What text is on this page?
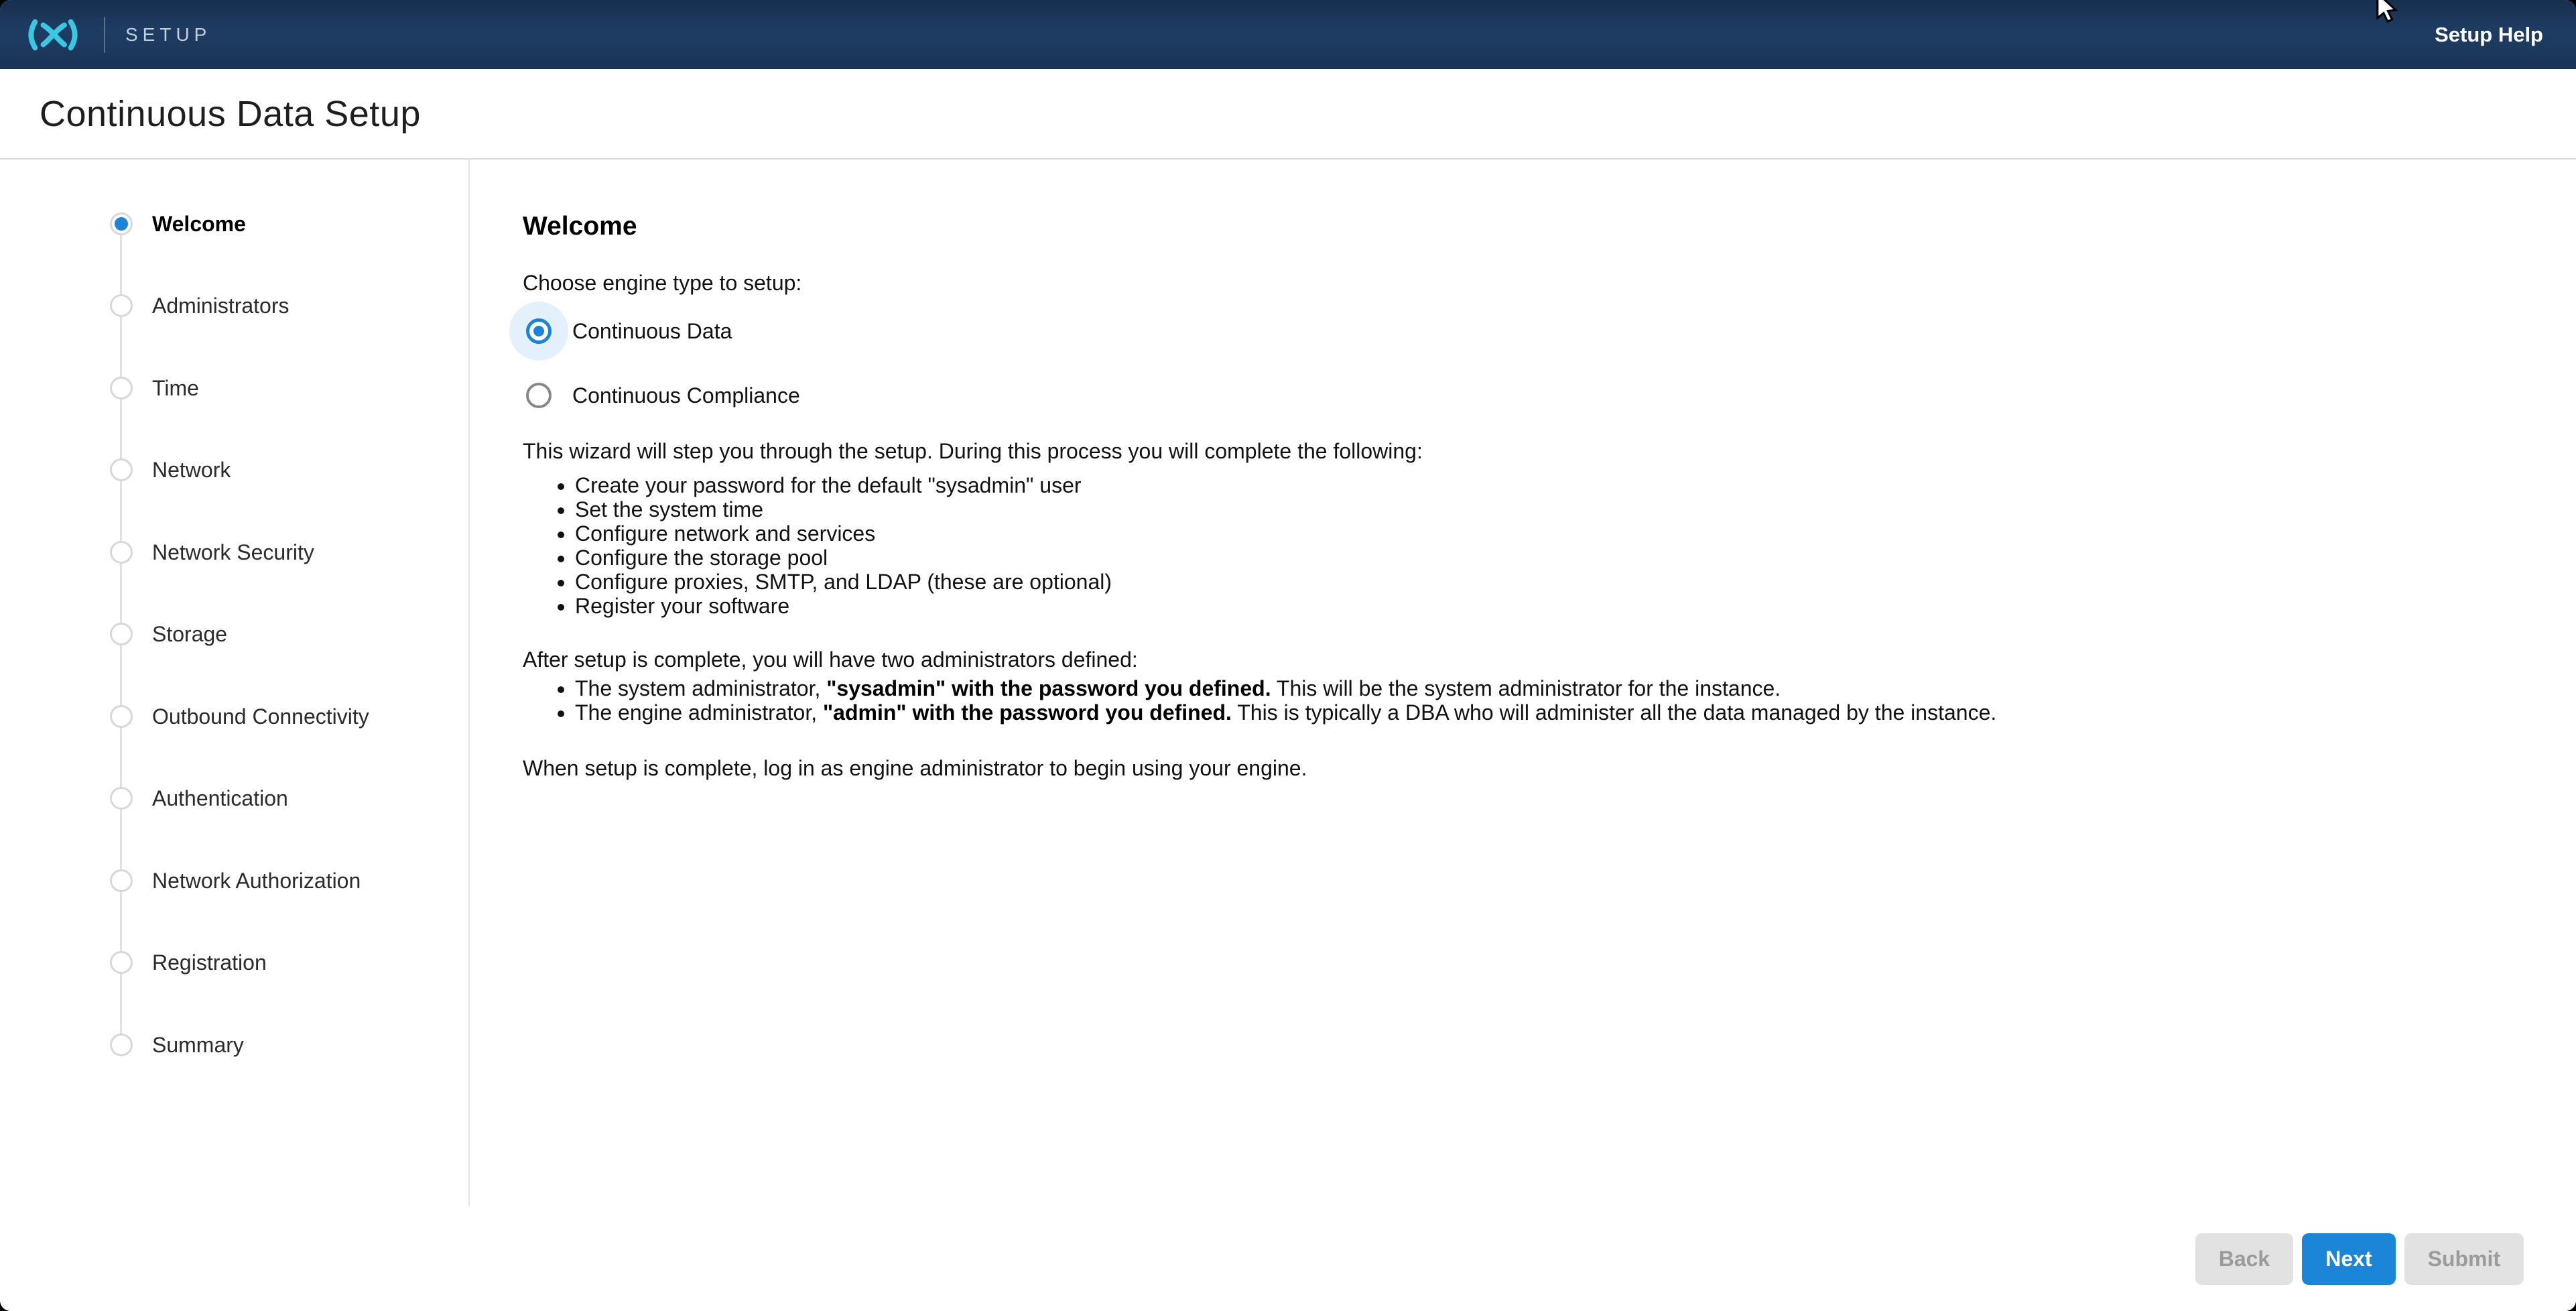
SETUP	Setup Help
Continuous Data Setup
Welcome
Administrators
Time
Network
Network Security
Storage
Outbound Connectivity
Authentication
Network Authorization
Registration
Summary
Welcome

Choose engine type to setup:

Continuous Data
Continuous Compliance

This wizard will step you through the setup. During this process you will complete the following:

• Create your password for the default "sysadmin" user
• Set the system time
• Configure network and services
• Configure the storage pool
• Configure proxies, SMTP, and LDAP (these are optional)
• Register your software

After setup is complete, you will have two administrators defined:

• The system administrator, "sysadmin" with the password you defined. This will be the system administrator for the instance.
• The engine administrator, "admin" with the password you defined. This is typically a DBA who will administer all the data managed by the instance.

When setup is complete, log in as engine administrator to begin using your engine.

Back	Next	Submit
